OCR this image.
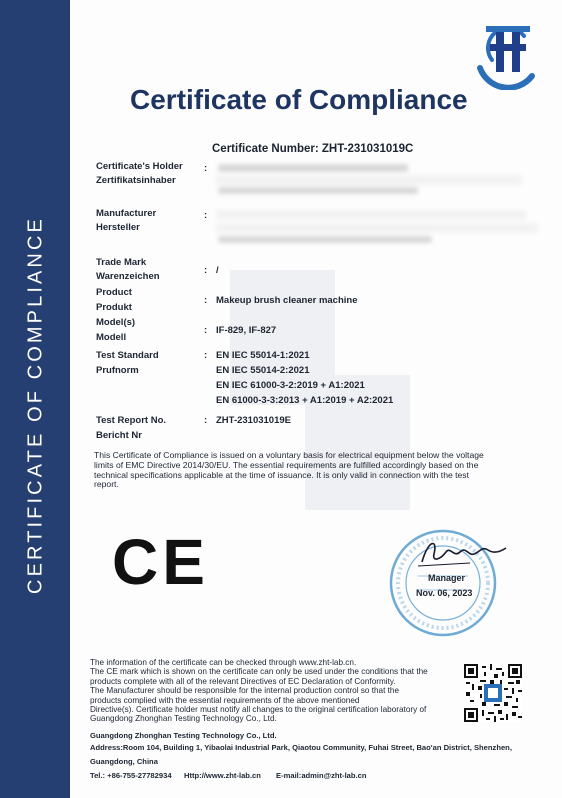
CERTIFICATE OF COMPLIANCE
Certificate of Compliance
Certificate Number: ZHT-231031019C
Certificate's Holder
Zertifikatsinhaber
:
Manufacturer
Hersteller
:
Trade Mark
Warenzeichen
: /
Product
Produkt
: Makeup brush cleaner machine
Model(s)
Modell
: IF-829, IF-827
Test Standard
Prufnorm
: EN IEC 55014-1:2021
EN IEC 55014-2:2021
EN IEC 61000-3-2:2019 + A1:2021
EN 61000-3-3:2013 + A1:2019 + A2:2021
Test Report No.
Bericht Nr
: ZHT-231031019E
This Certificate of Compliance is issued on a voluntary basis for electrical equipment below the voltage
limits of EMC Directive 2014/30/EU. The essential requirements are fulfilled accordingly based on the
technical specifications applicable at the time of issuance. It is only valid in connection with the test
report.
CE	Manager
Nov. 06, 2023
The information of the certificate can be checked through www.zht-lab.cn.
The CE mark which is shown on the certificate can only be used under the conditions that the
products complete with all of the relevant Directives of EC Declaration of Conformity.
The Manufacturer should be responsible for the internal production control so that the
products complied with the essential requirements of the above mentioned
Directive(s). Certificate holder must notify all changes to the original certification laboratory of
Guangdong Zhonghan Testing Technology Co., Ltd.
Guangdong Zhonghan Testing Technology Co., Ltd.
Address:Room 104, Building 1, Yibaolai Industrial Park, Qiaotou Community, Fuhai Street, Bao'an District, Shenzhen,
Guangdong, China
Tel.: +86-755-27782934 Http://www.zht-lab.cn E-mail:admin@zht-lab.cn
